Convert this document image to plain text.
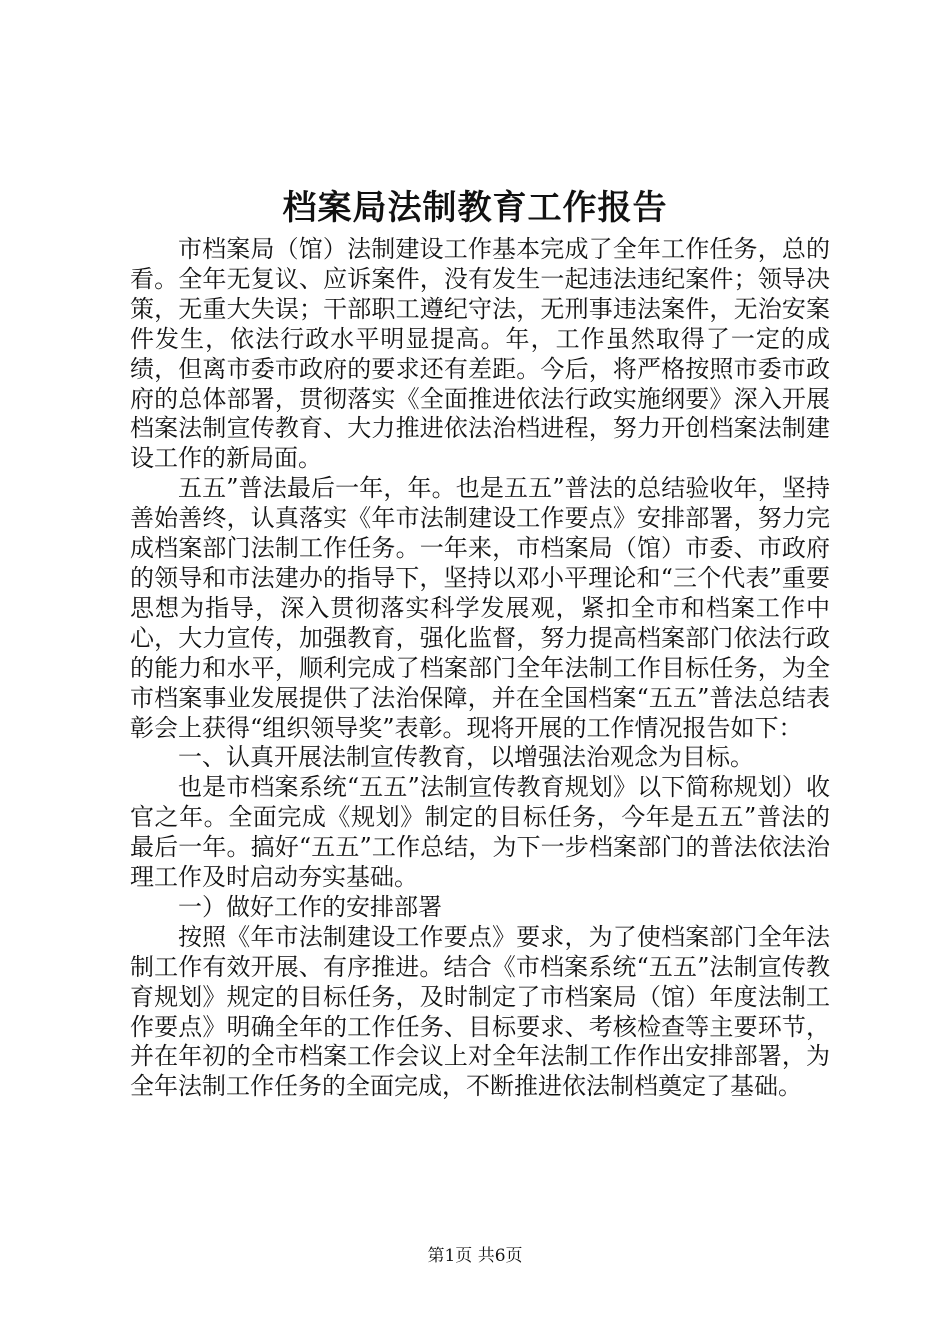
档案局法制教育工作报告

市档案局（馆）法制建设工作基本完成了全年工作任务，总的看。全年无复议、应诉案件，没有发生一起违法违纪案件；领导决策，无重大失误；干部职工遵纪守法，无刑事违法案件，无治安案件发生，依法行政水平明显提高。年，工作虽然取得了一定的成绩，但离市委市政府的要求还有差距。今后，将严格按照市委市政府的总体部署，贯彻落实《全面推进依法行政实施纲要》深入开展档案法制宣传教育、大力推进依法治档进程，努力开创档案法制建设工作的新局面。

五五”普法最后一年，年。也是五五”普法的总结验收年，坚持善始善终，认真落实《年市法制建设工作要点》安排部署，努力完成档案部门法制工作任务。一年来，市档案局（馆）市委、市政府的领导和市法建办的指导下，坚持以邓小平理论和“三个代表”重要思想为指导，深入贯彻落实科学发展观，紧扣全市和档案工作中心，大力宣传，加强教育，强化监督，努力提高档案部门依法行政的能力和水平，顺利完成了档案部门全年法制工作目标任务，为全市档案事业发展提供了法治保障，并在全国档案“五五”普法总结表彰会上获得“组织领导奖”表彰。现将开展的工作情况报告如下：

一、认真开展法制宣传教育，以增强法治观念为目标。

也是市档案系统“五五”法制宣传教育规划》以下简称规划）收官之年。全面完成《规划》制定的目标任务，今年是五五”普法的最后一年。搞好“五五”工作总结，为下一步档案部门的普法依法治理工作及时启动夯实基础。

一）做好工作的安排部署

按照《年市法制建设工作要点》要求，为了使档案部门全年法制工作有效开展、有序推进。结合《市档案系统“五五”法制宣传教育规划》规定的目标任务，及时制定了市档案局（馆）年度法制工作要点》明确全年的工作任务、目标要求、考核检查等主要环节，并在年初的全市档案工作会议上对全年法制工作作出安排部署，为全年法制工作任务的全面完成，不断推进依法制档奠定了基础。

第1页 共6页
